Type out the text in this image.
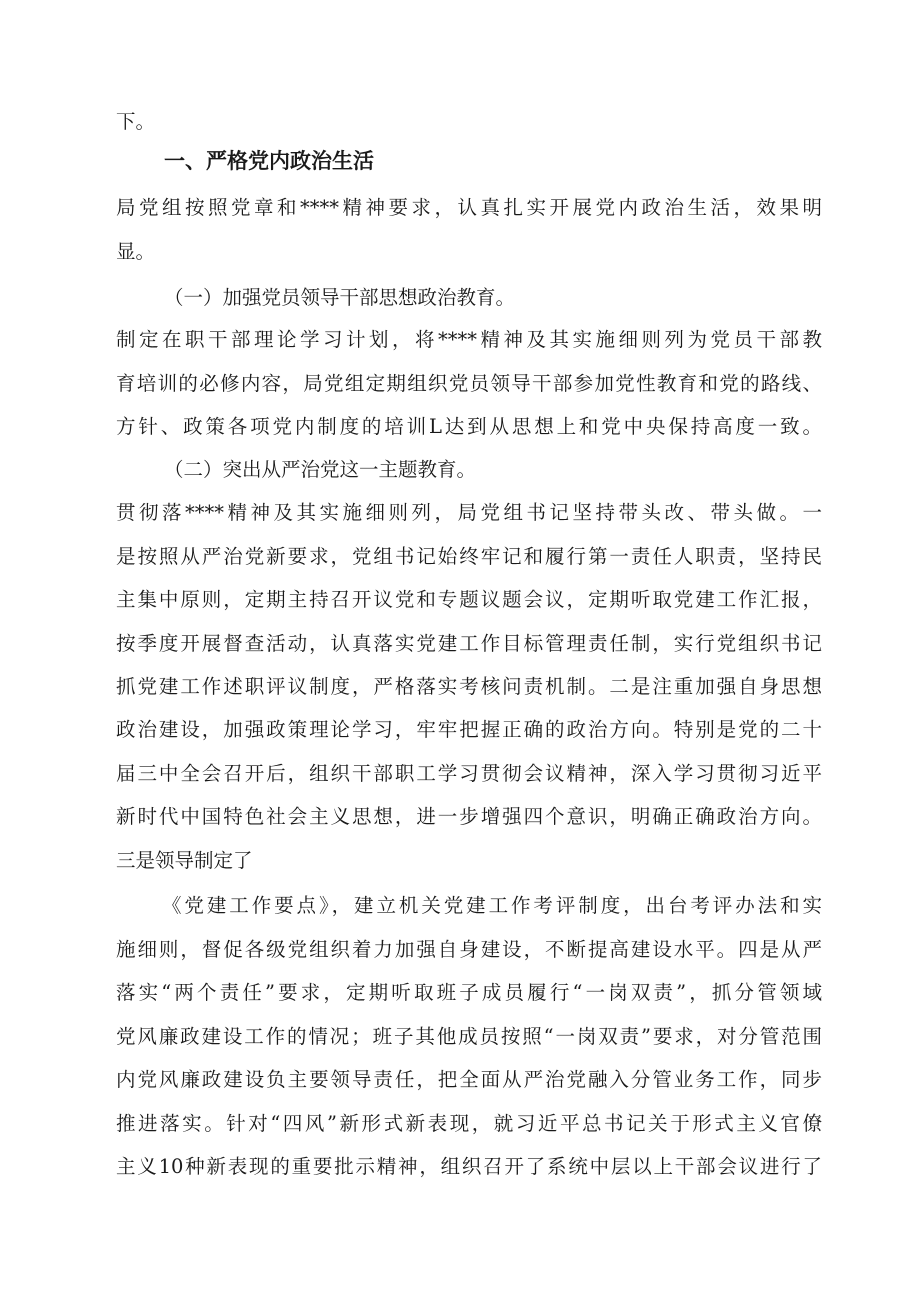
下。
一、严格党内政治生活
局党组按照党章和****精神要求，认真扎实开展党内政治生活，效果明
显。
（一）加强党员领导干部思想政治教育。
制定在职干部理论学习计划，将****精神及其实施细则列为党员干部教
育培训的必修内容，局党组定期组织党员领导干部参加党性教育和党的路线、
方针、政策各项党内制度的培训L达到从思想上和党中央保持高度一致。
（二）突出从严治党这一主题教育。
贯彻落****精神及其实施细则列，局党组书记坚持带头改、带头做。一
是按照从严治党新要求，党组书记始终牢记和履行第一责任人职责，坚持民
主集中原则，定期主持召开议党和专题议题会议，定期听取党建工作汇报，
按季度开展督查活动，认真落实党建工作目标管理责任制，实行党组织书记
抓党建工作述职评议制度，严格落实考核问责机制。二是注重加强自身思想
政治建设，加强政策理论学习，牢牢把握正确的政治方向。特别是党的二十
届三中全会召开后，组织干部职工学习贯彻会议精神，深入学习贯彻习近平
新时代中国特色社会主义思想，进一步增强四个意识，明确正确政治方向。
三是领导制定了
《党建工作要点》，建立机关党建工作考评制度，出台考评办法和实
施细则，督促各级党组织着力加强自身建设，不断提高建设水平。四是从严
落实“两个责任”要求，定期听取班子成员履行“一岗双责”，抓分管领域
党风廉政建设工作的情况；班子其他成员按照“一岗双责”要求，对分管范围
内党风廉政建设负主要领导责任，把全面从严治党融入分管业务工作，同步
推进落实。针对“四风”新形式新表现，就习近平总书记关于形式主义官僚
主义10种新表现的重要批示精神，组织召开了系统中层以上干部会议进行了
